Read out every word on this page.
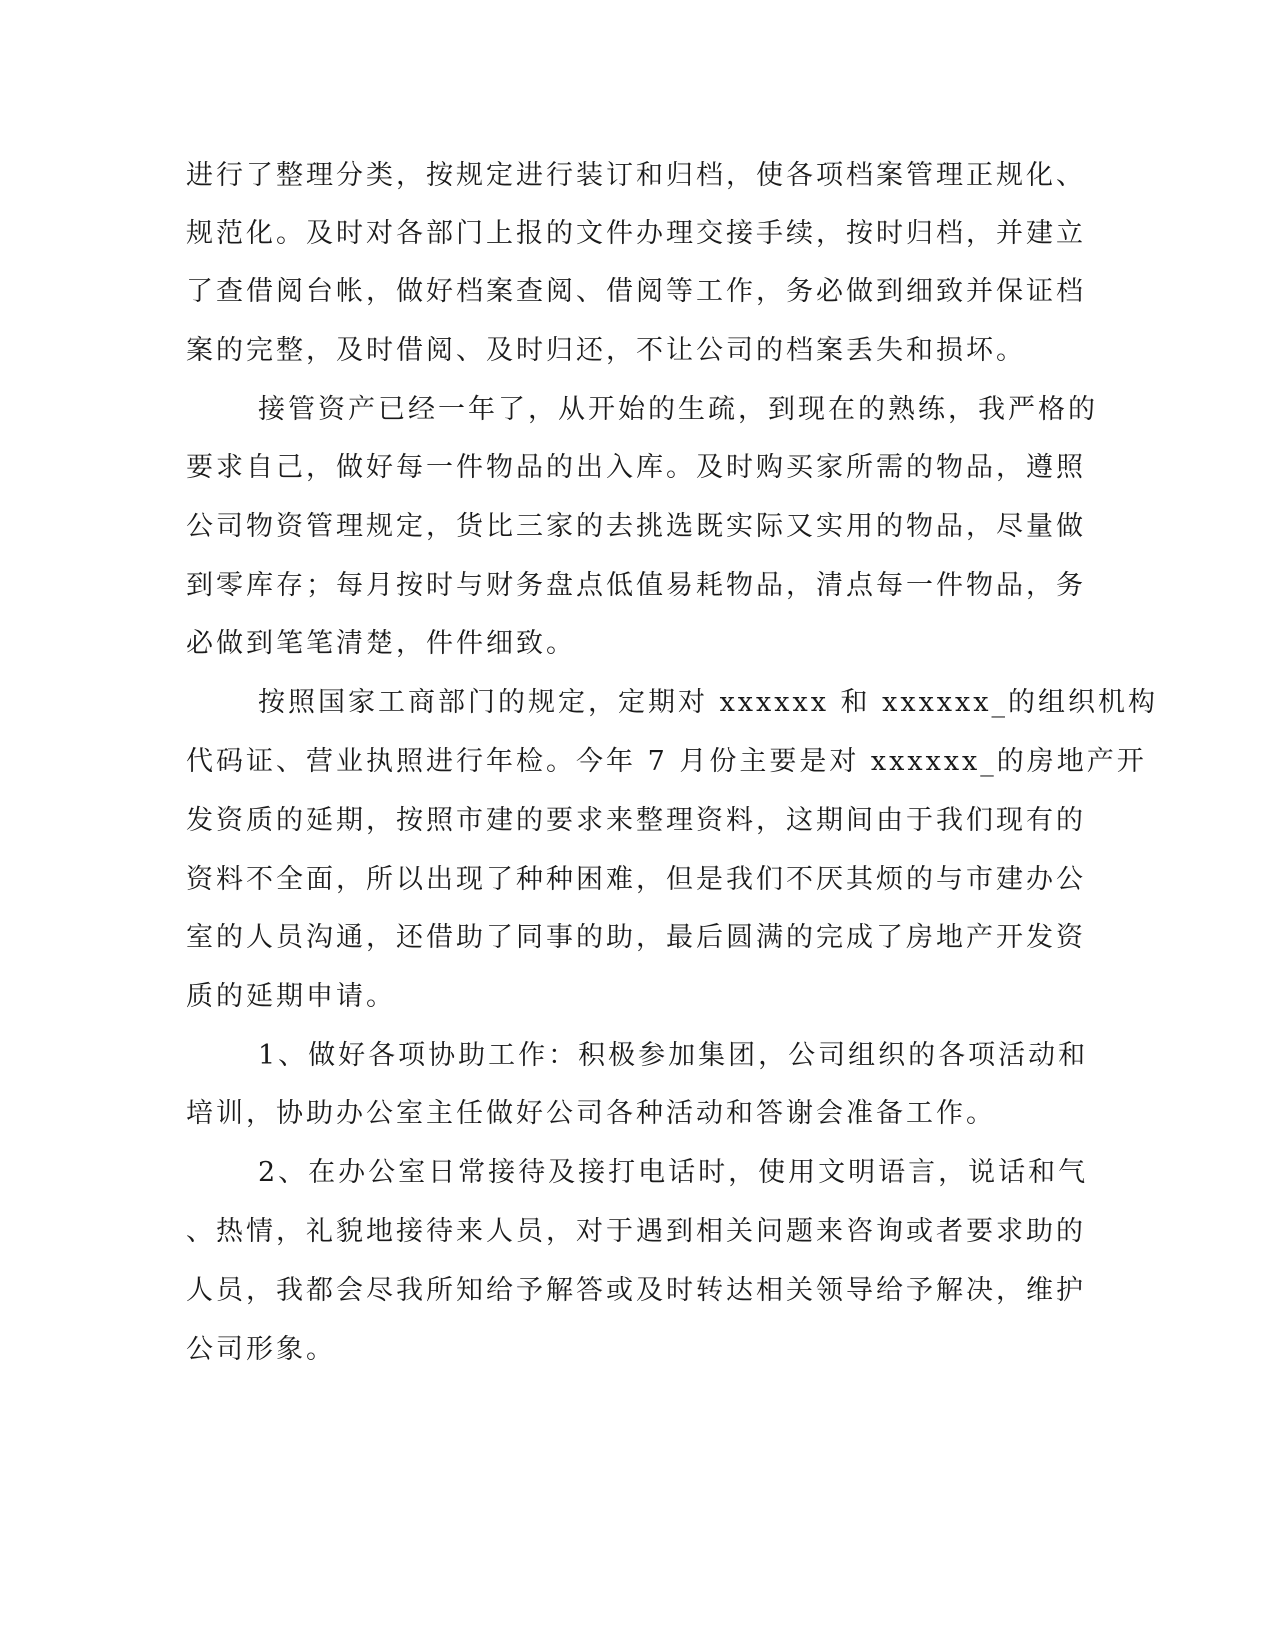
进行了整理分类，按规定进行装订和归档，使各项档案管理正规化、
规范化。及时对各部门上报的文件办理交接手续，按时归档，并建立
了查借阅台帐，做好档案查阅、借阅等工作，务必做到细致并保证档
案的完整，及时借阅、及时归还，不让公司的档案丢失和损坏。
接管资产已经一年了，从开始的生疏，到现在的熟练，我严格的
要求自己，做好每一件物品的出入库。及时购买家所需的物品，遵照
公司物资管理规定，货比三家的去挑选既实际又实用的物品，尽量做
到零库存；每月按时与财务盘点低值易耗物品，清点每一件物品，务
必做到笔笔清楚，件件细致。
按照国家工商部门的规定，定期对 xxxxxx 和 xxxxxx_的组织机构
代码证、营业执照进行年检。今年 7 月份主要是对 xxxxxx_的房地产开
发资质的延期，按照市建的要求来整理资料，这期间由于我们现有的
资料不全面，所以出现了种种困难，但是我们不厌其烦的与市建办公
室的人员沟通，还借助了同事的助，最后圆满的完成了房地产开发资
质的延期申请。
1、做好各项协助工作：积极参加集团，公司组织的各项活动和
培训，协助办公室主任做好公司各种活动和答谢会准备工作。
2、在办公室日常接待及接打电话时，使用文明语言，说话和气
、热情，礼貌地接待来人员，对于遇到相关问题来咨询或者要求助的
人员，我都会尽我所知给予解答或及时转达相关领导给予解决，维护
公司形象。
